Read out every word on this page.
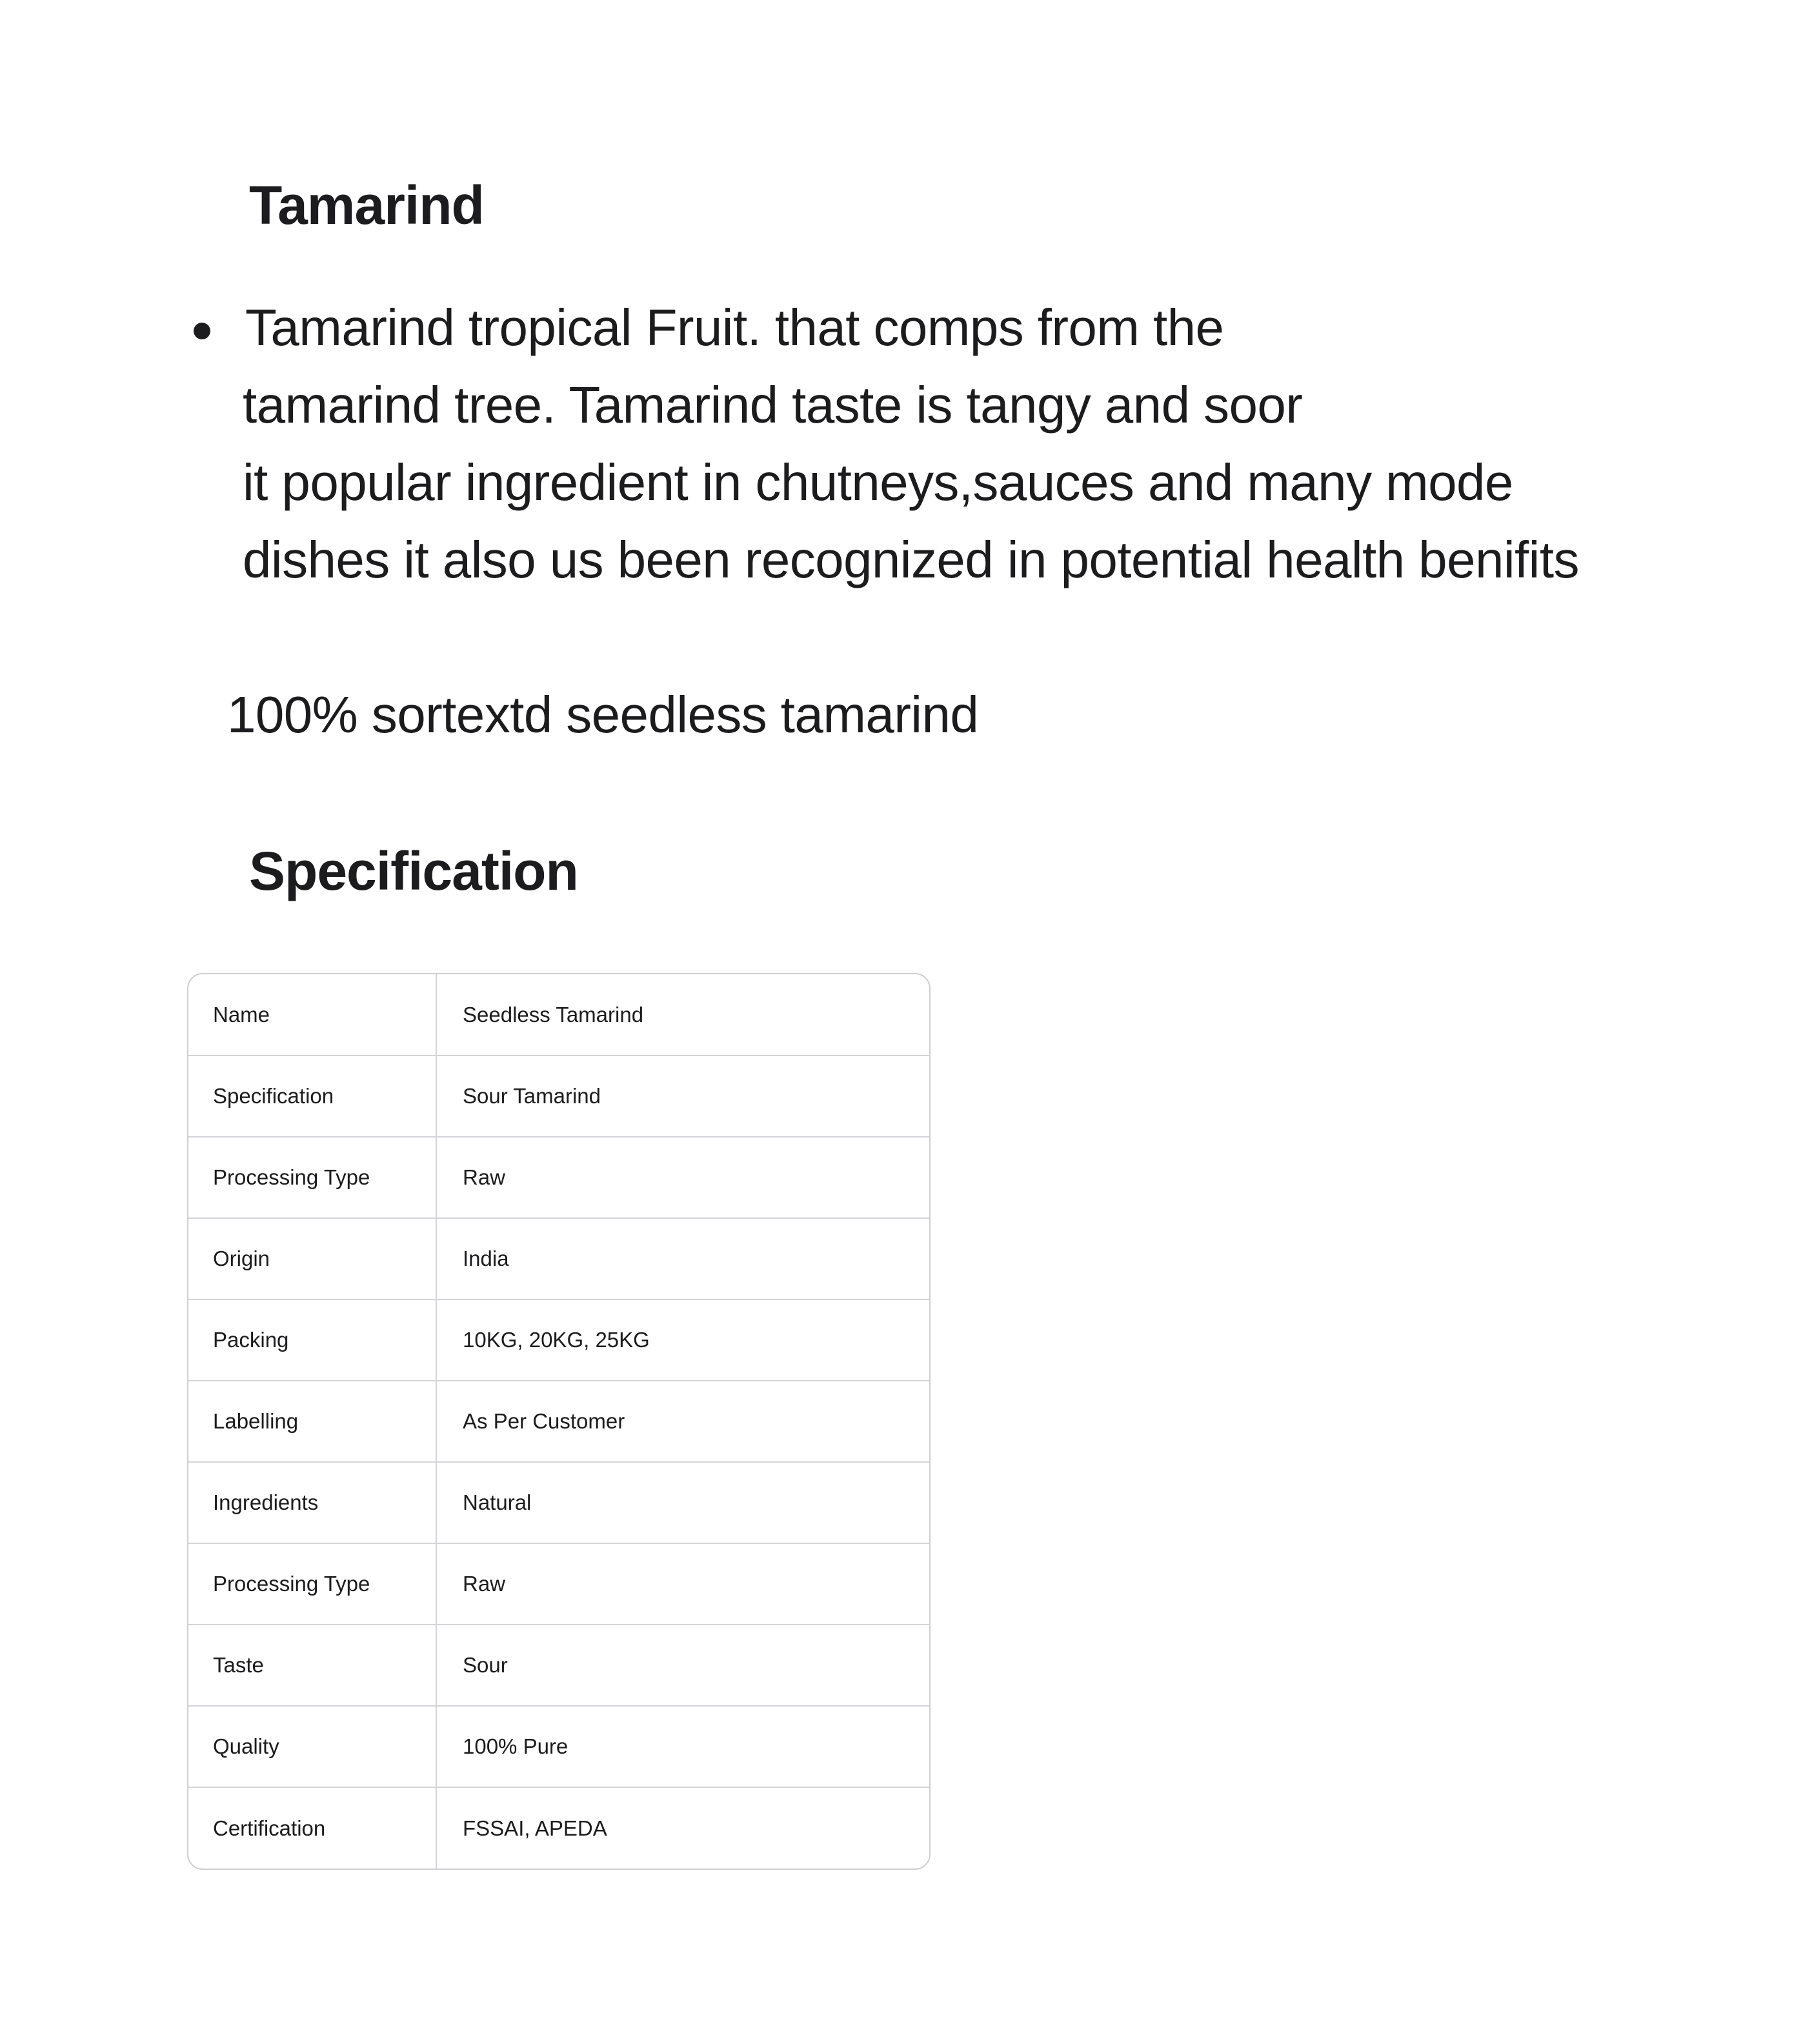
Tamarind
Tamarind tropical Fruit. that comps from the
tamarind tree. Tamarind taste is tangy and soor
it popular ingredient in chutneys,sauces and many mode
dishes it also us been recognized in potential health benifits
100% sortextd seedless tamarind
Specification
Name	Seedless Tamarind
Specification	Sour Tamarind
Processing Type	Raw
Origin	India
Packing	10KG, 20KG, 25KG
Labelling	As Per Customer
Ingredients	Natural
Processing Type	Raw
Taste	Sour
Quality	100% Pure
Certification	FSSAI, APEDA
